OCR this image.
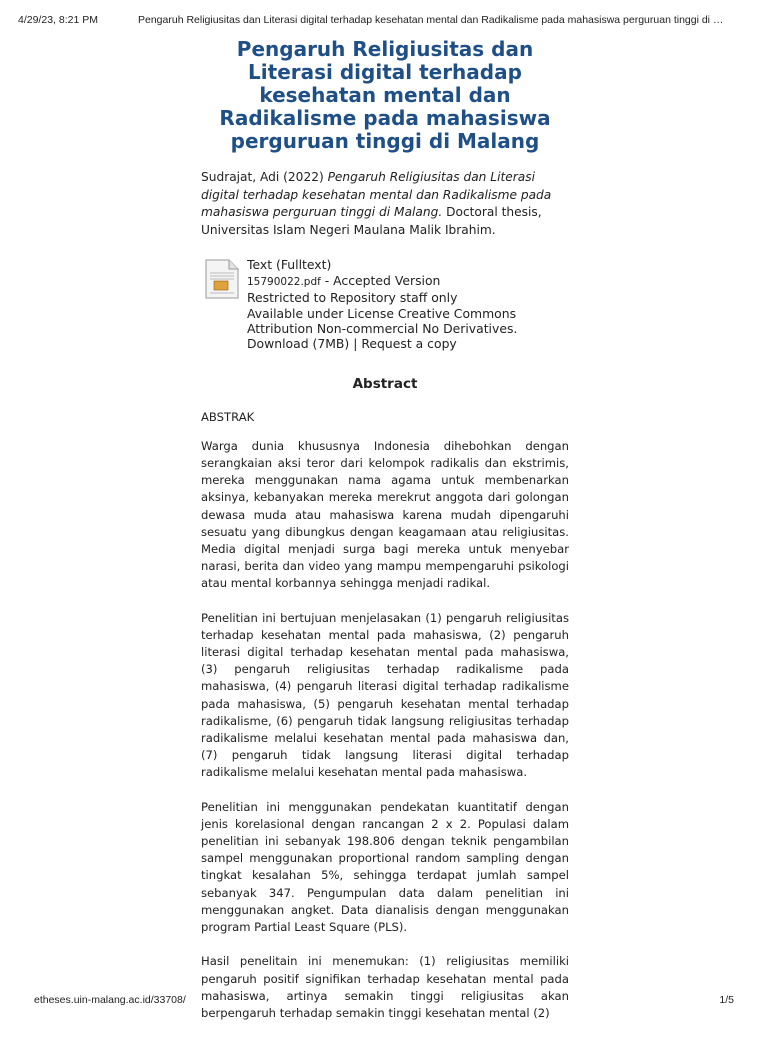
4/29/23, 8:21 PM	Pengaruh Religiusitas dan Literasi digital terhadap kesehatan mental dan Radikalisme pada mahasiswa perguruan tinggi di …
Pengaruh Religiusitas dan Literasi digital terhadap kesehatan mental dan Radikalisme pada mahasiswa perguruan tinggi di Malang

Sudrajat, Adi (2022) Pengaruh Religiusitas dan Literasi digital terhadap kesehatan mental dan Radikalisme pada mahasiswa perguruan tinggi di Malang. Doctoral thesis, Universitas Islam Negeri Maulana Malik Ibrahim.

Text (Fulltext)
15790022.pdf - Accepted Version
Restricted to Repository staff only
Available under License Creative Commons Attribution Non-commercial No Derivatives.
Download (7MB) | Request a copy
Abstract

ABSTRAK

Warga dunia khususnya Indonesia dihebohkan dengan serangkaian aksi teror dari kelompok radikalis dan ekstrimis, mereka menggunakan nama agama untuk membenarkan aksinya, kebanyakan mereka merekrut anggota dari golongan dewasa muda atau mahasiswa karena mudah dipengaruhi sesuatu yang dibungkus dengan keagamaan atau religiusitas. Media digital menjadi surga bagi mereka untuk menyebar narasi, berita dan video yang mampu mempengaruhi psikologi atau mental korbannya sehingga menjadi radikal.

Penelitian ini bertujuan menjelasakan (1) pengaruh religiusitas terhadap kesehatan mental pada mahasiswa, (2) pengaruh literasi digital terhadap kesehatan mental pada mahasiswa, (3) pengaruh religiusitas terhadap radikalisme pada mahasiswa, (4) pengaruh literasi digital terhadap radikalisme pada mahasiswa, (5) pengaruh kesehatan mental terhadap radikalisme, (6) pengaruh tidak langsung religiusitas terhadap radikalisme melalui kesehatan mental pada mahasiswa dan, (7) pengaruh tidak langsung literasi digital terhadap radikalisme melalui kesehatan mental pada mahasiswa.

Penelitian ini menggunakan pendekatan kuantitatif dengan jenis korelasional dengan rancangan 2 x 2. Populasi dalam penelitian ini sebanyak 198.806 dengan teknik pengambilan sampel menggunakan proportional random sampling dengan tingkat kesalahan 5%, sehingga terdapat jumlah sampel sebanyak 347. Pengumpulan data dalam penelitian ini menggunakan angket. Data dianalisis dengan menggunakan program Partial Least Square (PLS).

Hasil penelitain ini menemukan: (1) religiusitas memiliki pengaruh positif signifikan terhadap kesehatan mental pada mahasiswa, artinya semakin tinggi religiusitas akan berpengaruh terhadap semakin tinggi kesehatan mental (2)

etheses.uin-malang.ac.id/33708/	1/5
